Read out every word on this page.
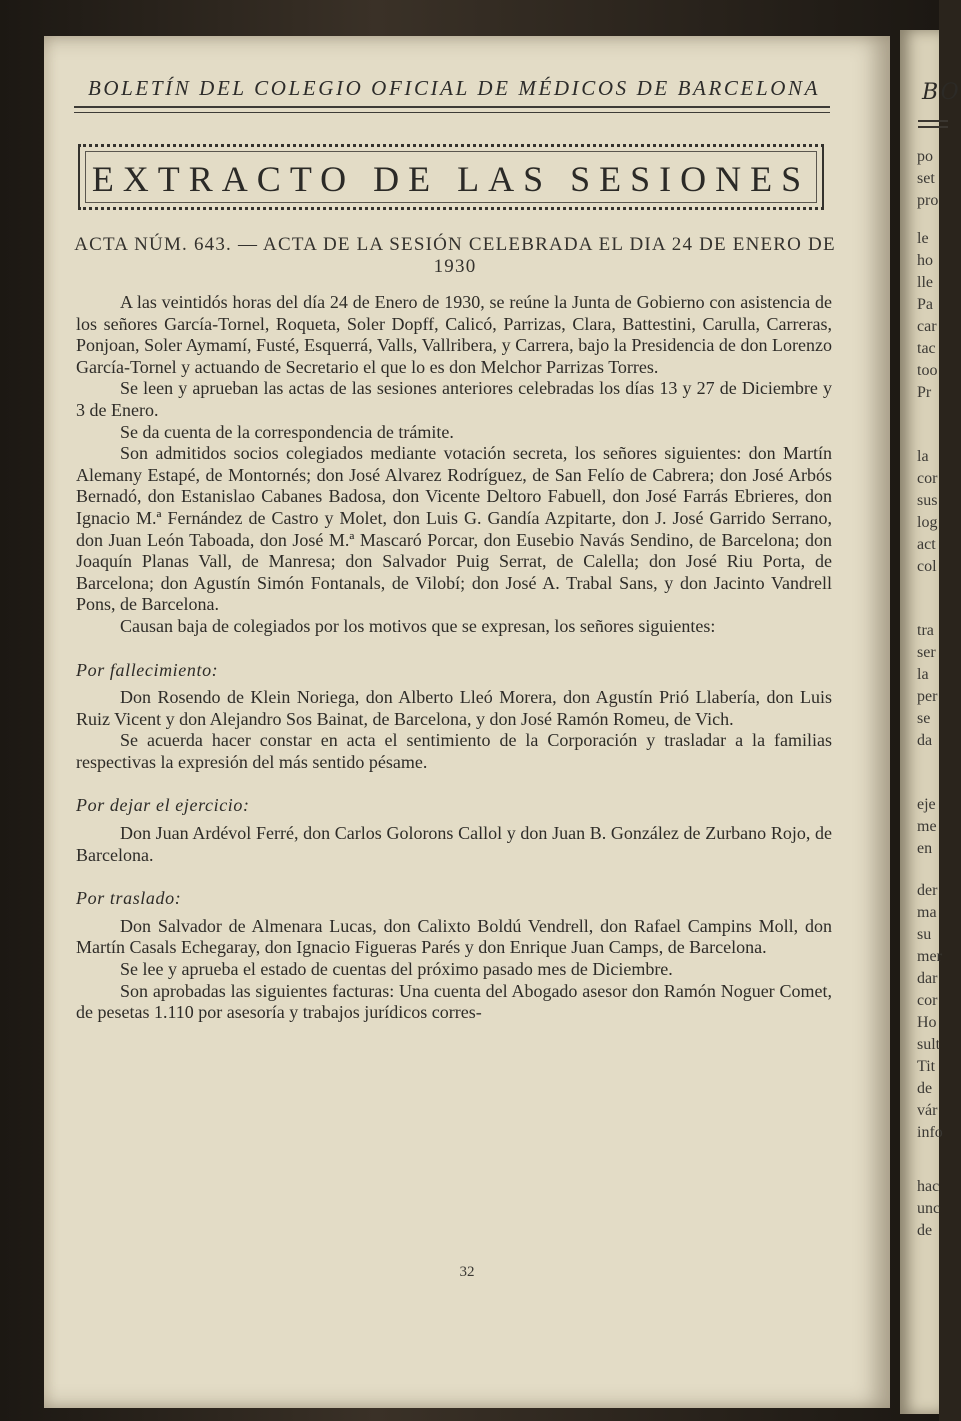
BO
po
set
pro
le
ho
lle
Pa
car
tac
too
Pr
la
cor
sus
log
act
col
tra
ser
la
per
se
da
eje
me
en
der
ma
su
mer
dar
cor
Ho
sult
Tit
de
vár
info
hac
unc
de
BOLETÍN DEL COLEGIO OFICIAL DE MÉDICOS DE BARCELONA
EXTRACTO DE LAS SESIONES
ACTA NÚM. 643. — ACTA DE LA SESIÓN CELEBRADA EL DIA 24 DE ENERO DE 1930

A las veintidós horas del día 24 de Enero de 1930, se reúne la Junta de Gobierno con asistencia de los señores García-Tornel, Roqueta, Soler Dopff, Calicó, Parrizas, Clara, Battestini, Carulla, Carreras, Ponjoan, Soler Aymamí, Fusté, Esquerrá, Valls, Vallribera, y Carrera, bajo la Presidencia de don Lorenzo García-Tornel y actuando de Secretario el que lo es don Melchor Parrizas Torres.

Se leen y aprueban las actas de las sesiones anteriores celebradas los días 13 y 27 de Diciembre y 3 de Enero.

Se da cuenta de la correspondencia de trámite.

Son admitidos socios colegiados mediante votación secreta, los señores siguientes: don Martín Alemany Estapé, de Montornés; don José Alvarez Rodríguez, de San Felío de Cabrera; don José Arbós Bernadó, don Estanislao Cabanes Badosa, don Vicente Deltoro Fabuell, don José Farrás Ebrieres, don Ignacio M.ª Fernández de Castro y Molet, don Luis G. Gandía Azpitarte, don J. José Garrido Serrano, don Juan León Taboada, don José M.ª Mascaró Porcar, don Eusebio Navás Sendino, de Barcelona; don Joaquín Planas Vall, de Manresa; don Salvador Puig Serrat, de Calella; don José Riu Porta, de Barcelona; don Agustín Simón Fontanals, de Vilobí; don José A. Trabal Sans, y don Jacinto Vandrell Pons, de Barcelona.

Causan baja de colegiados por los motivos que se expresan, los señores siguientes:

Por fallecimiento:

Don Rosendo de Klein Noriega, don Alberto Lleó Morera, don Agustín Prió Llabería, don Luis Ruiz Vicent y don Alejandro Sos Bainat, de Barcelona, y don José Ramón Romeu, de Vich.

Se acuerda hacer constar en acta el sentimiento de la Corporación y trasladar a la familias respectivas la expresión del más sentido pésame.

Por dejar el ejercicio:

Don Juan Ardévol Ferré, don Carlos Golorons Callol y don Juan B. González de Zurbano Rojo, de Barcelona.

Por traslado:

Don Salvador de Almenara Lucas, don Calixto Boldú Vendrell, don Rafael Campins Moll, don Martín Casals Echegaray, don Ignacio Figueras Parés y don Enrique Juan Camps, de Barcelona.

Se lee y aprueba el estado de cuentas del próximo pasado mes de Diciembre.

Son aprobadas las siguientes facturas: Una cuenta del Abogado asesor don Ramón Noguer Comet, de pesetas 1.110 por asesoría y trabajos jurídicos corres-

32
